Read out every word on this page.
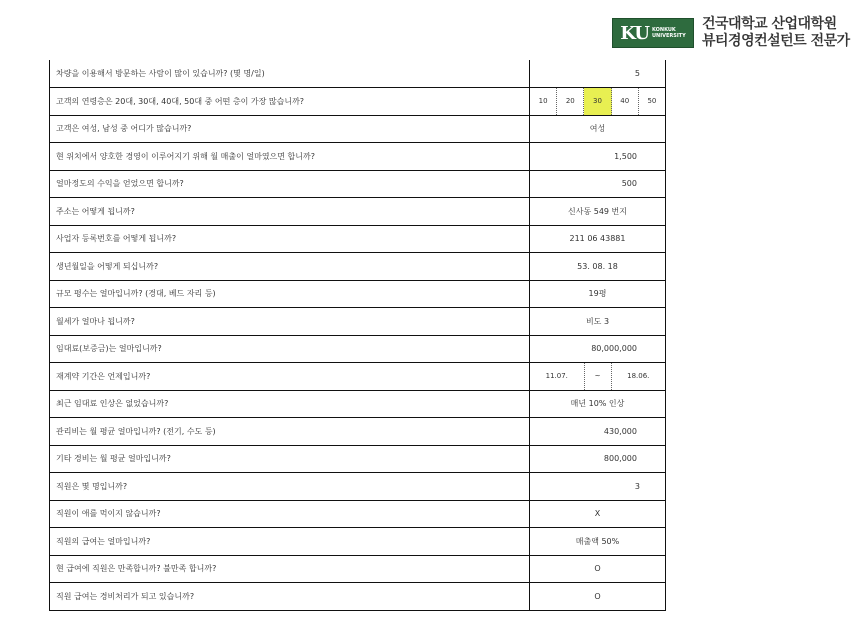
KU KONKUK
UNIVERSITY
건국대학교 산업대학원
뷰티경영컨설턴트 전문가
차량을 이용해서 방문하는 사람이 많이 있습니까? (몇 명/일)	5

고객의 연령층은 20대, 30대, 40대, 50대 중 어떤 층이 가장 많습니까?	10 20 30 40 50

고객은 여성, 남성 중 어디가 많습니까?	여성

현 위치에서 양호한 경영이 이루어지기 위해 월 매출이 얼마였으면 합니까?	1,500

얼마정도의 수익을 얻었으면 합니까?	500

주소는 어떻게 됩니까?	신사동 549 번지

사업자 등록번호를 어떻게 됩니까?	211 06 43881

생년월일을 어떻게 되십니까?	53. 08. 18

규모 평수는 얼마입니까? (경대, 베드 자리 등)	19평

월세가 얼마나 됩니까?	비도 3

임대료(보증금)는 얼마입니까?	80,000,000

재계약 기간은 언제입니까?	11.07. ~ 18.06.

최근 임대료 인상은 없었습니까?	매년 10% 인상

관리비는 월 평균 얼마입니까? (전기, 수도 등)	430,000

기타 경비는 월 평균 얼마입니까?	800,000

직원은 몇 명입니까?	3

직원이 애를 먹이지 않습니까?	X

직원의 급여는 얼마입니까?	매출액 50%

현 급여에 직원은 만족합니까? 불만족 합니까?	O

직원 급여는 경비처리가 되고 있습니까?	O
